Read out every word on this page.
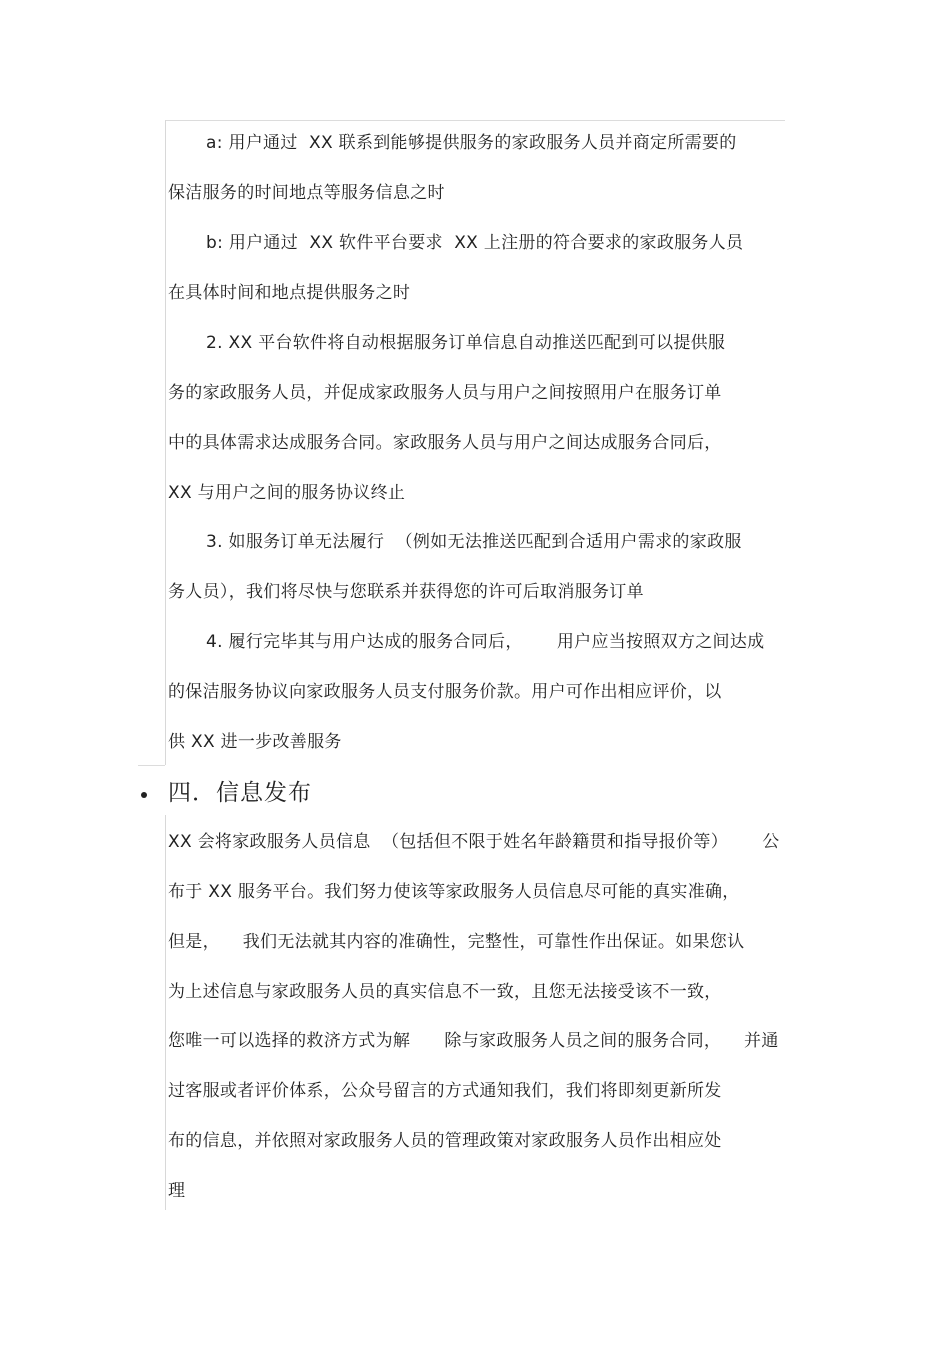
a: 用户通过  XX 联系到能够提供服务的家政服务人员并商定所需要的
保洁服务的时间地点等服务信息之时
b: 用户通过  XX 软件平台要求  XX 上注册的符合要求的家政服务人员
在具体时间和地点提供服务之时
2. XX 平台软件将自动根据服务订单信息自动推送匹配到可以提供服
务的家政服务人员，并促成家政服务人员与用户之间按照用户在服务订单
中的具体需求达成服务合同。家政服务人员与用户之间达成服务合同后，
XX 与用户之间的服务协议终止
3. 如服务订单无法履行  （例如无法推送匹配到合适用户需求的家政服
务人员），我们将尽快与您联系并获得您的许可后取消服务订单
4. 履行完毕其与用户达成的服务合同后，      用户应当按照双方之间达成
的保洁服务协议向家政服务人员支付服务价款。用户可作出相应评价，以
供 XX 进一步改善服务
四．信息发布
XX 会将家政服务人员信息  （包括但不限于姓名年龄籍贯和指导报价等）      公
布于 XX 服务平台。我们努力使该等家政服务人员信息尽可能的真实准确，
但是，    我们无法就其内容的准确性，完整性，可靠性作出保证。如果您认
为上述信息与家政服务人员的真实信息不一致，且您无法接受该不一致，
您唯一可以选择的救济方式为解      除与家政服务人员之间的服务合同，    并通
过客服或者评价体系，公众号留言的方式通知我们，我们将即刻更新所发
布的信息，并依照对家政服务人员的管理政策对家政服务人员作出相应处
理
